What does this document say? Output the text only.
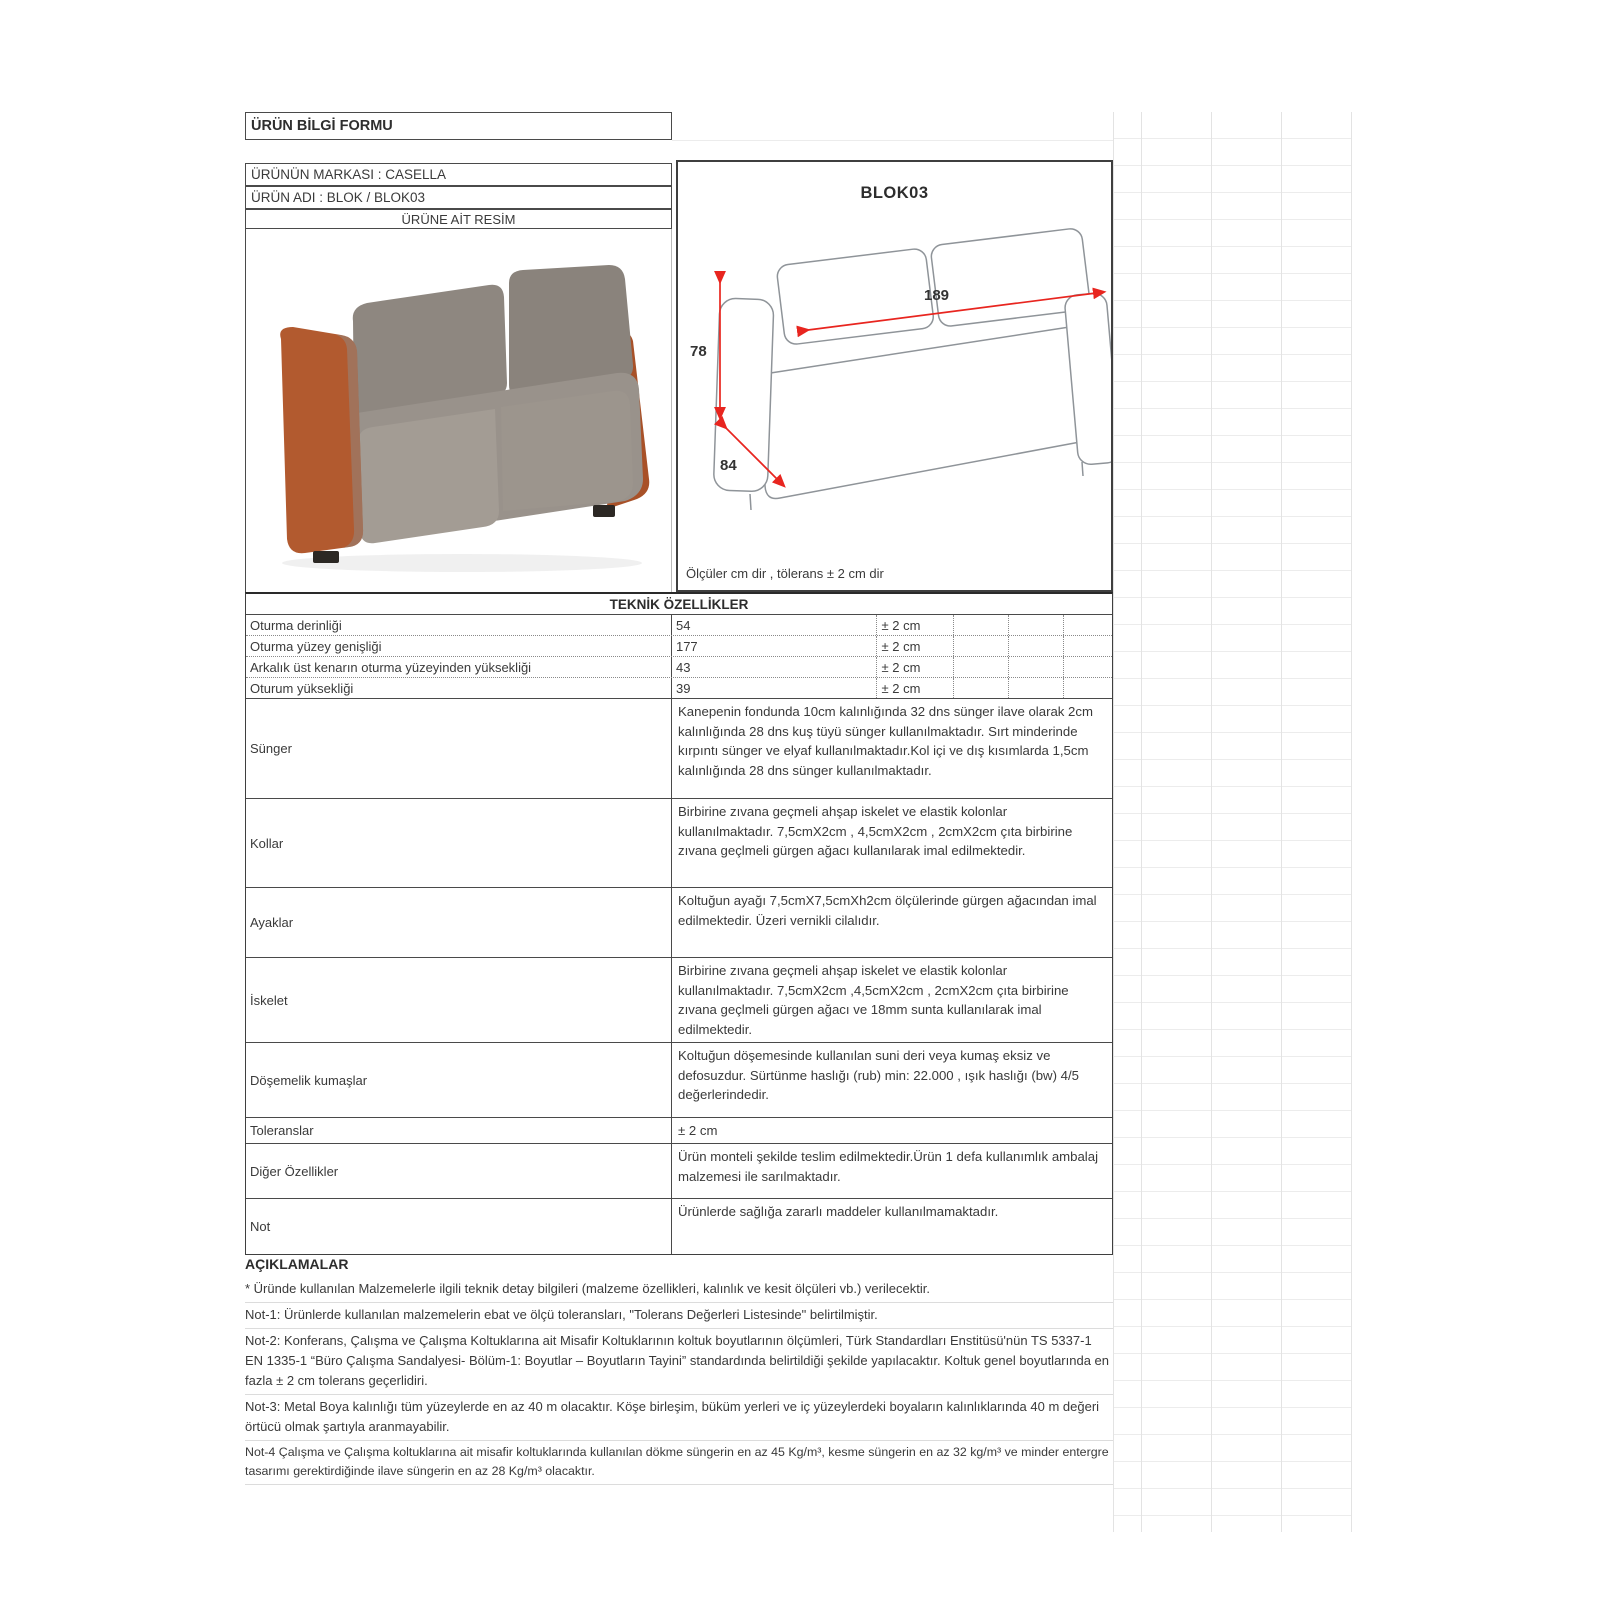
ÜRÜN BİLGİ FORMU
ÜRÜNÜN MARKASI : CASELLA
ÜRÜN ADI : BLOK / BLOK03
ÜRÜNE AİT RESİM
BLOK03
78
84
189
Ölçüler cm dir , tölerans ± 2 cm dir
TEKNİK ÖZELLİKLER
Oturma derinliği	54	± 2 cm
Oturma yüzey genişliği	177	± 2 cm
Arkalık üst kenarın oturma yüzeyinden yüksekliği	43	± 2 cm
Oturum yüksekliği	39	± 2 cm
Sünger
Kanepenin fondunda 10cm kalınlığında 32 dns sünger ilave olarak 2cm kalınlığında 28 dns kuş tüyü sünger kullanılmaktadır. Sırt minderinde kırpıntı sünger ve elyaf kullanılmaktadır.Kol içi ve dış kısımlarda 1,5cm kalınlığında 28 dns sünger kullanılmaktadır.
Kollar
Birbirine zıvana geçmeli ahşap iskelet ve elastik kolonlar kullanılmaktadır. 7,5cmX2cm , 4,5cmX2cm , 2cmX2cm çıta birbirine zıvana geçlmeli gürgen ağacı kullanılarak imal edilmektedir.
Ayaklar
Koltuğun ayağı 7,5cmX7,5cmXh2cm ölçülerinde gürgen ağacından imal edilmektedir. Üzeri vernikli cilalıdır.
İskelet
Birbirine zıvana geçmeli ahşap iskelet ve elastik kolonlar kullanılmaktadır. 7,5cmX2cm ,4,5cmX2cm , 2cmX2cm çıta birbirine zıvana geçlmeli gürgen ağacı ve 18mm sunta kullanılarak imal edilmektedir.
Döşemelik kumaşlar
Koltuğun döşemesinde kullanılan suni deri veya kumaş eksiz ve defosuzdur. Sürtünme haslığı (rub) min: 22.000 , ışık haslığı (bw) 4/5 değerlerindedir.
Toleranslar	± 2 cm
Diğer Özellikler
Ürün monteli şekilde teslim edilmektedir.Ürün 1 defa kullanımlık ambalaj malzemesi ile sarılmaktadır.
Not
Ürünlerde sağlığa zararlı maddeler kullanılmamaktadır.
AÇIKLAMALAR
* Üründe kullanılan Malzemelerle ilgili teknik detay bilgileri (malzeme özellikleri, kalınlık ve kesit ölçüleri vb.) verilecektir.
Not-1: Ürünlerde kullanılan malzemelerin ebat ve ölçü toleransları, "Tolerans Değerleri Listesinde" belirtilmiştir.
Not-2: Konferans, Çalışma ve Çalışma Koltuklarına ait Misafir Koltuklarının koltuk boyutlarının ölçümleri, Türk Standardları Enstitüsü'nün TS 5337-1 EN 1335-1 “Büro Çalışma Sandalyesi- Bölüm-1: Boyutlar – Boyutların Tayini” standardında belirtildiği şekilde yapılacaktır. Koltuk genel boyutlarında en fazla ± 2 cm tolerans geçerlidiri.
Not-3: Metal Boya kalınlığı tüm yüzeylerde en az 40 m olacaktır. Köşe birleşim, büküm yerleri ve iç yüzeylerdeki boyaların kalınlıklarında 40 m değeri örtücü olmak şartıyla aranmayabilir.
Not-4 Çalışma ve Çalışma koltuklarına ait misafir koltuklarında kullanılan dökme süngerin en az 45 Kg/m³, kesme süngerin en az 32 kg/m³ ve minder entergre tasarımı gerektirdiğinde ilave süngerin en az 28 Kg/m³ olacaktır.
